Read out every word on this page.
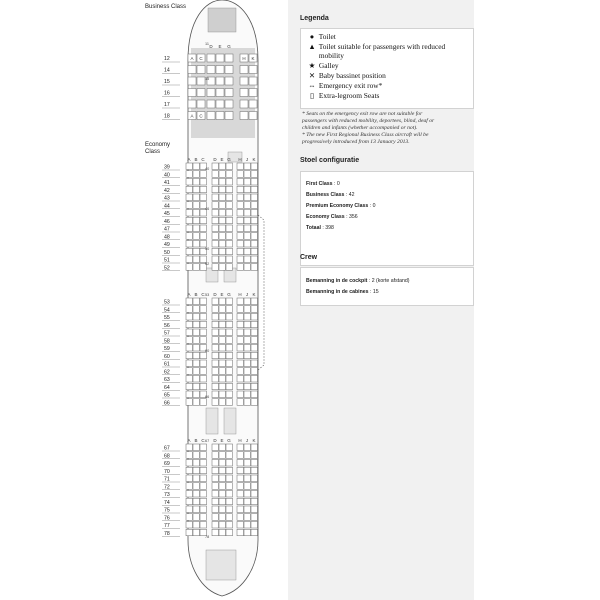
D E G
A C	H K
A C
A B C D E G H J K
A B C D E G H J K
A B C D E G H J K
12
14
15
16
17
18
39
40
41
42
43
44
45
46
47
48
49
50
51
52
53
54
55
56
57
58
59
60
61
62
63
64
65
66
67
68
69
70
71
72
73
74
75
76
77
78
11
15
40
46
50
52
53
60
66
67
78
Business Class
Economy
Class
Legenda
● Toilet
▲ Toilet suitable for passengers with reduced
mobility
★ Galley
✕ Baby bassinet position
⇔ Emergency exit row*
▯ Extra-legroom Seats
* Seats on the emergency exit row are not suitable for
passengers with reduced mobility, deportees, blind, deaf or
children and infants (whether accompanied or not).
* The new First Regional Business Class aircraft will be
progressively introduced from 13 January 2013.
Stoel configuratie
First Class : 0
Business Class : 42
Premium Economy Class : 0
Economy Class : 356
Totaal : 398
Crew
Bemanning in de cockpit : 2 (korte afstand)
Bemanning in de cabines : 15
